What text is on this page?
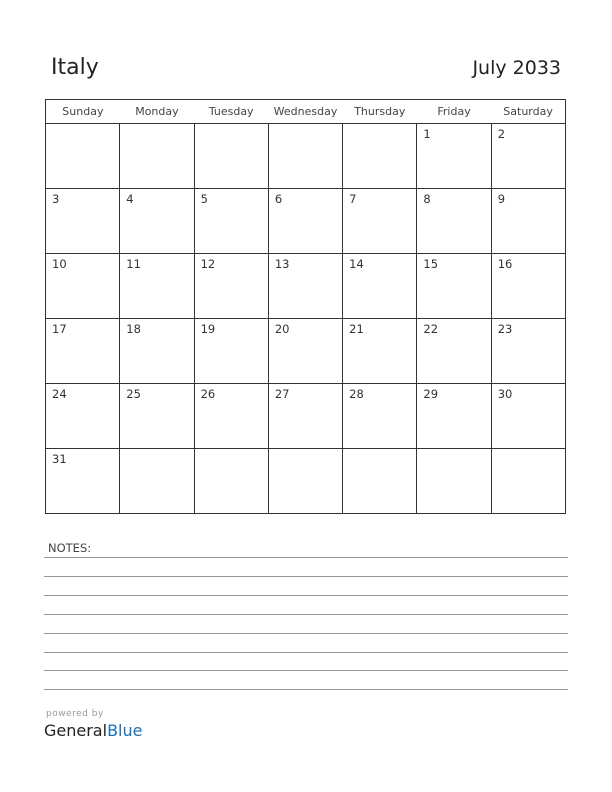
Italy	July 2033
Sunday	Monday	Tuesday	Wednesday	Thursday	Friday	Saturday

					1	2

3	4	5	6	7	8	9

10	11	12	13	14	15	16

17	18	19	20	21	22	23

24	25	26	27	28	29	30

31						

NOTES:
powered by
GeneralBlue
